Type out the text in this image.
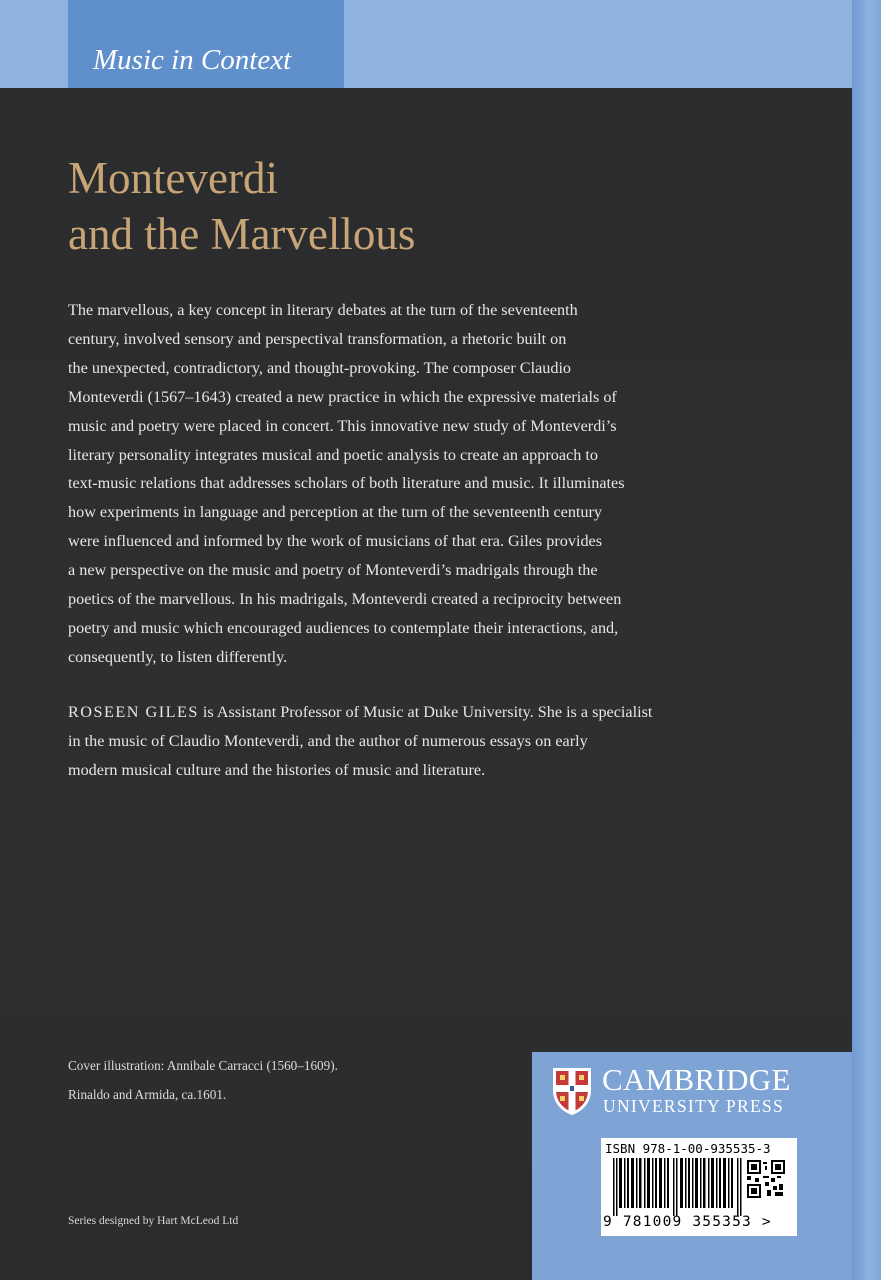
Music in Context
Monteverdi
and the Marvellous
The marvellous, a key concept in literary debates at the turn of the seventeenth
century, involved sensory and perspectival transformation, a rhetoric built on
the unexpected, contradictory, and thought-provoking. The composer Claudio
Monteverdi (1567–1643) created a new practice in which the expressive materials of
music and poetry were placed in concert. This innovative new study of Monteverdi’s
literary personality integrates musical and poetic analysis to create an approach to
text-music relations that addresses scholars of both literature and music. It illuminates
how experiments in language and perception at the turn of the seventeenth century
were influenced and informed by the work of musicians of that era. Giles provides
a new perspective on the music and poetry of Monteverdi’s madrigals through the
poetics of the marvellous. In his madrigals, Monteverdi created a reciprocity between
poetry and music which encouraged audiences to contemplate their interactions, and,
consequently, to listen differently.
ROSEEN GILES is Assistant Professor of Music at Duke University. She is a specialist
in the music of Claudio Monteverdi, and the author of numerous essays on early
modern musical culture and the histories of music and literature.
Cover illustration: Annibale Carracci (1560–1609).
Rinaldo and Armida, ca.1601.
Series designed by Hart McLeod Ltd
CAMBRIDGE
UNIVERSITY PRESS
ISBN 978-1-00-935535-3
9 781009 355353 >
